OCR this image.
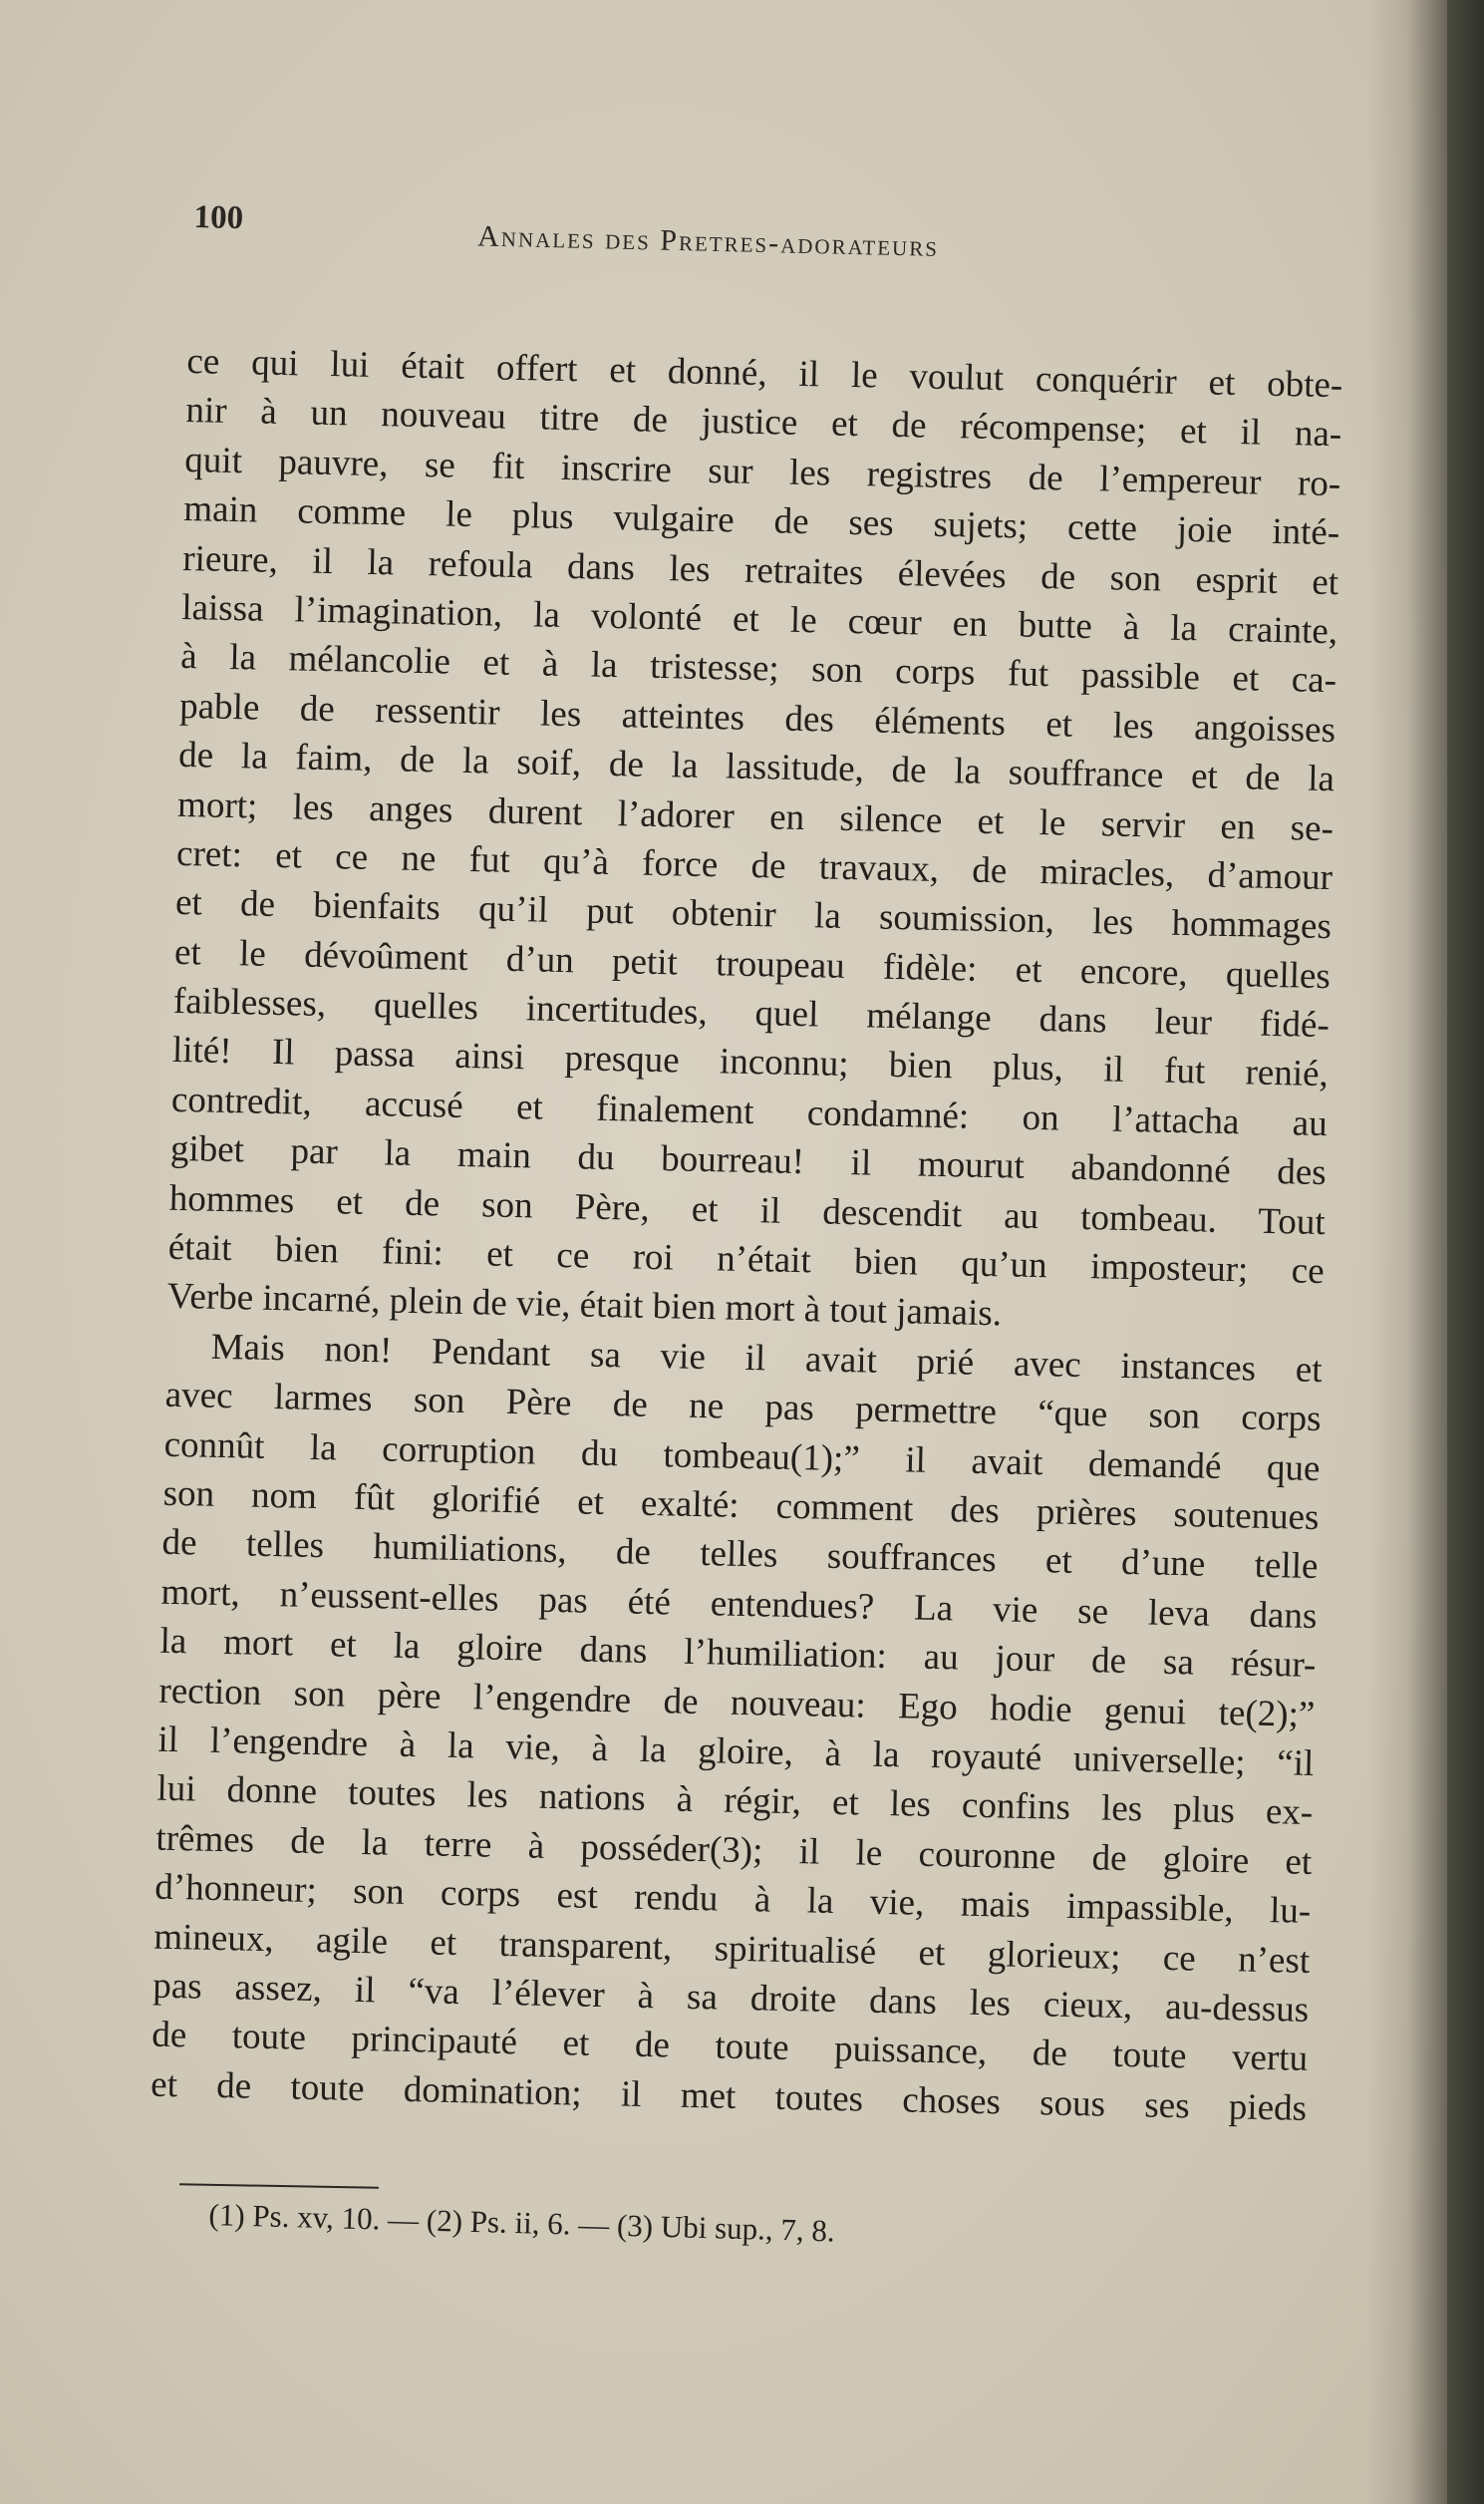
100
Annales des Pretres-adorateurs
ce qui lui était offert et donné, il le voulut conquérir et obte-
nir à un nouveau titre de justice et de récompense; et il na-
quit pauvre, se fit inscrire sur les registres de l’empereur ro-
main comme le plus vulgaire de ses sujets; cette joie inté-
rieure, il la refoula dans les retraites élevées de son esprit et
laissa l’imagination, la volonté et le cœur en butte à la crainte,
à la mélancolie et à la tristesse; son corps fut passible et ca-
pable de ressentir les atteintes des éléments et les angoisses
de la faim, de la soif, de la lassitude, de la souffrance et de la
mort; les anges durent l’adorer en silence et le servir en se-
cret: et ce ne fut qu’à force de travaux, de miracles, d’amour
et de bienfaits qu’il put obtenir la soumission, les hommages
et le dévoûment d’un petit troupeau fidèle: et encore, quelles
faiblesses, quelles incertitudes, quel mélange dans leur fidé-
lité! Il passa ainsi presque inconnu; bien plus, il fut renié,
contredit, accusé et finalement condamné: on l’attacha au
gibet par la main du bourreau! il mourut abandonné des
hommes et de son Père, et il descendit au tombeau. Tout
était bien fini: et ce roi n’était bien qu’un imposteur; ce
Verbe incarné, plein de vie, était bien mort à tout jamais.
Mais non! Pendant sa vie il avait prié avec instances et
avec larmes son Père de ne pas permettre “que son corps
connût la corruption du tombeau(1);” il avait demandé que
son nom fût glorifié et exalté: comment des prières soutenues
de telles humiliations, de telles souffrances et d’une telle
mort, n’eussent-elles pas été entendues? La vie se leva dans
la mort et la gloire dans l’humiliation: au jour de sa résur-
rection son père l’engendre de nouveau: Ego hodie genui te(2);”
il l’engendre à la vie, à la gloire, à la royauté universelle; “il
lui donne toutes les nations à régir, et les confins les plus ex-
trêmes de la terre à posséder(3); il le couronne de gloire et
d’honneur; son corps est rendu à la vie, mais impassible, lu-
mineux, agile et transparent, spiritualisé et glorieux; ce n’est
pas assez, il “va l’élever à sa droite dans les cieux, au-dessus
de toute principauté et de toute puissance, de toute vertu
et de toute domination; il met toutes choses sous ses pieds
(1) Ps. xv, 10. — (2) Ps. ii, 6. — (3) Ubi sup., 7, 8.
